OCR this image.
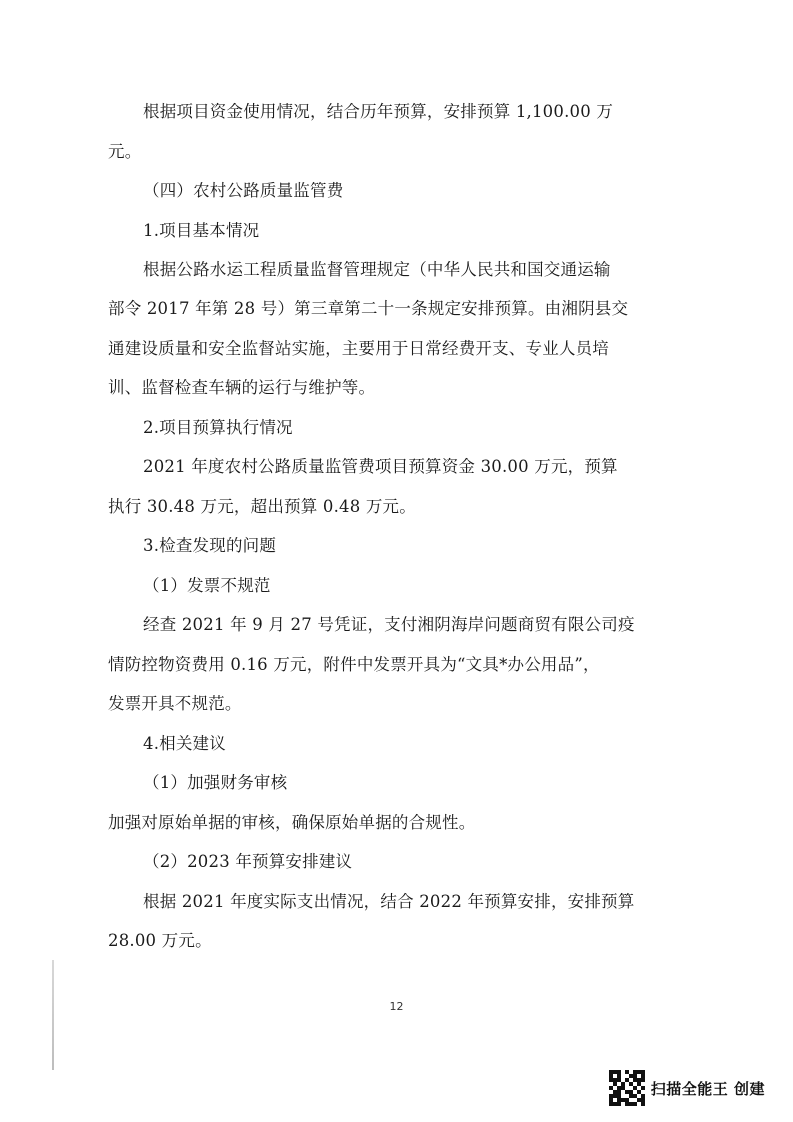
根据项目资金使用情况，结合历年预算，安排预算 1,100.00 万
元。
（四）农村公路质量监管费
1.项目基本情况
根据公路水运工程质量监督管理规定（中华人民共和国交通运输
部令 2017 年第 28 号）第三章第二十一条规定安排预算。由湘阴县交
通建设质量和安全监督站实施，主要用于日常经费开支、专业人员培
训、监督检查车辆的运行与维护等。
2.项目预算执行情况
2021 年度农村公路质量监管费项目预算资金 30.00 万元，预算
执行 30.48 万元，超出预算 0.48 万元。
3.检查发现的问题
（1）发票不规范
经查 2021 年 9 月 27 号凭证，支付湘阴海岸问题商贸有限公司疫
情防控物资费用 0.16 万元，附件中发票开具为“文具*办公用品”，
发票开具不规范。
4.相关建议
（1）加强财务审核
加强对原始单据的审核，确保原始单据的合规性。
（2）2023 年预算安排建议
根据 2021 年度实际支出情况，结合 2022 年预算安排，安排预算
28.00 万元。
12
扫描全能王 创建
